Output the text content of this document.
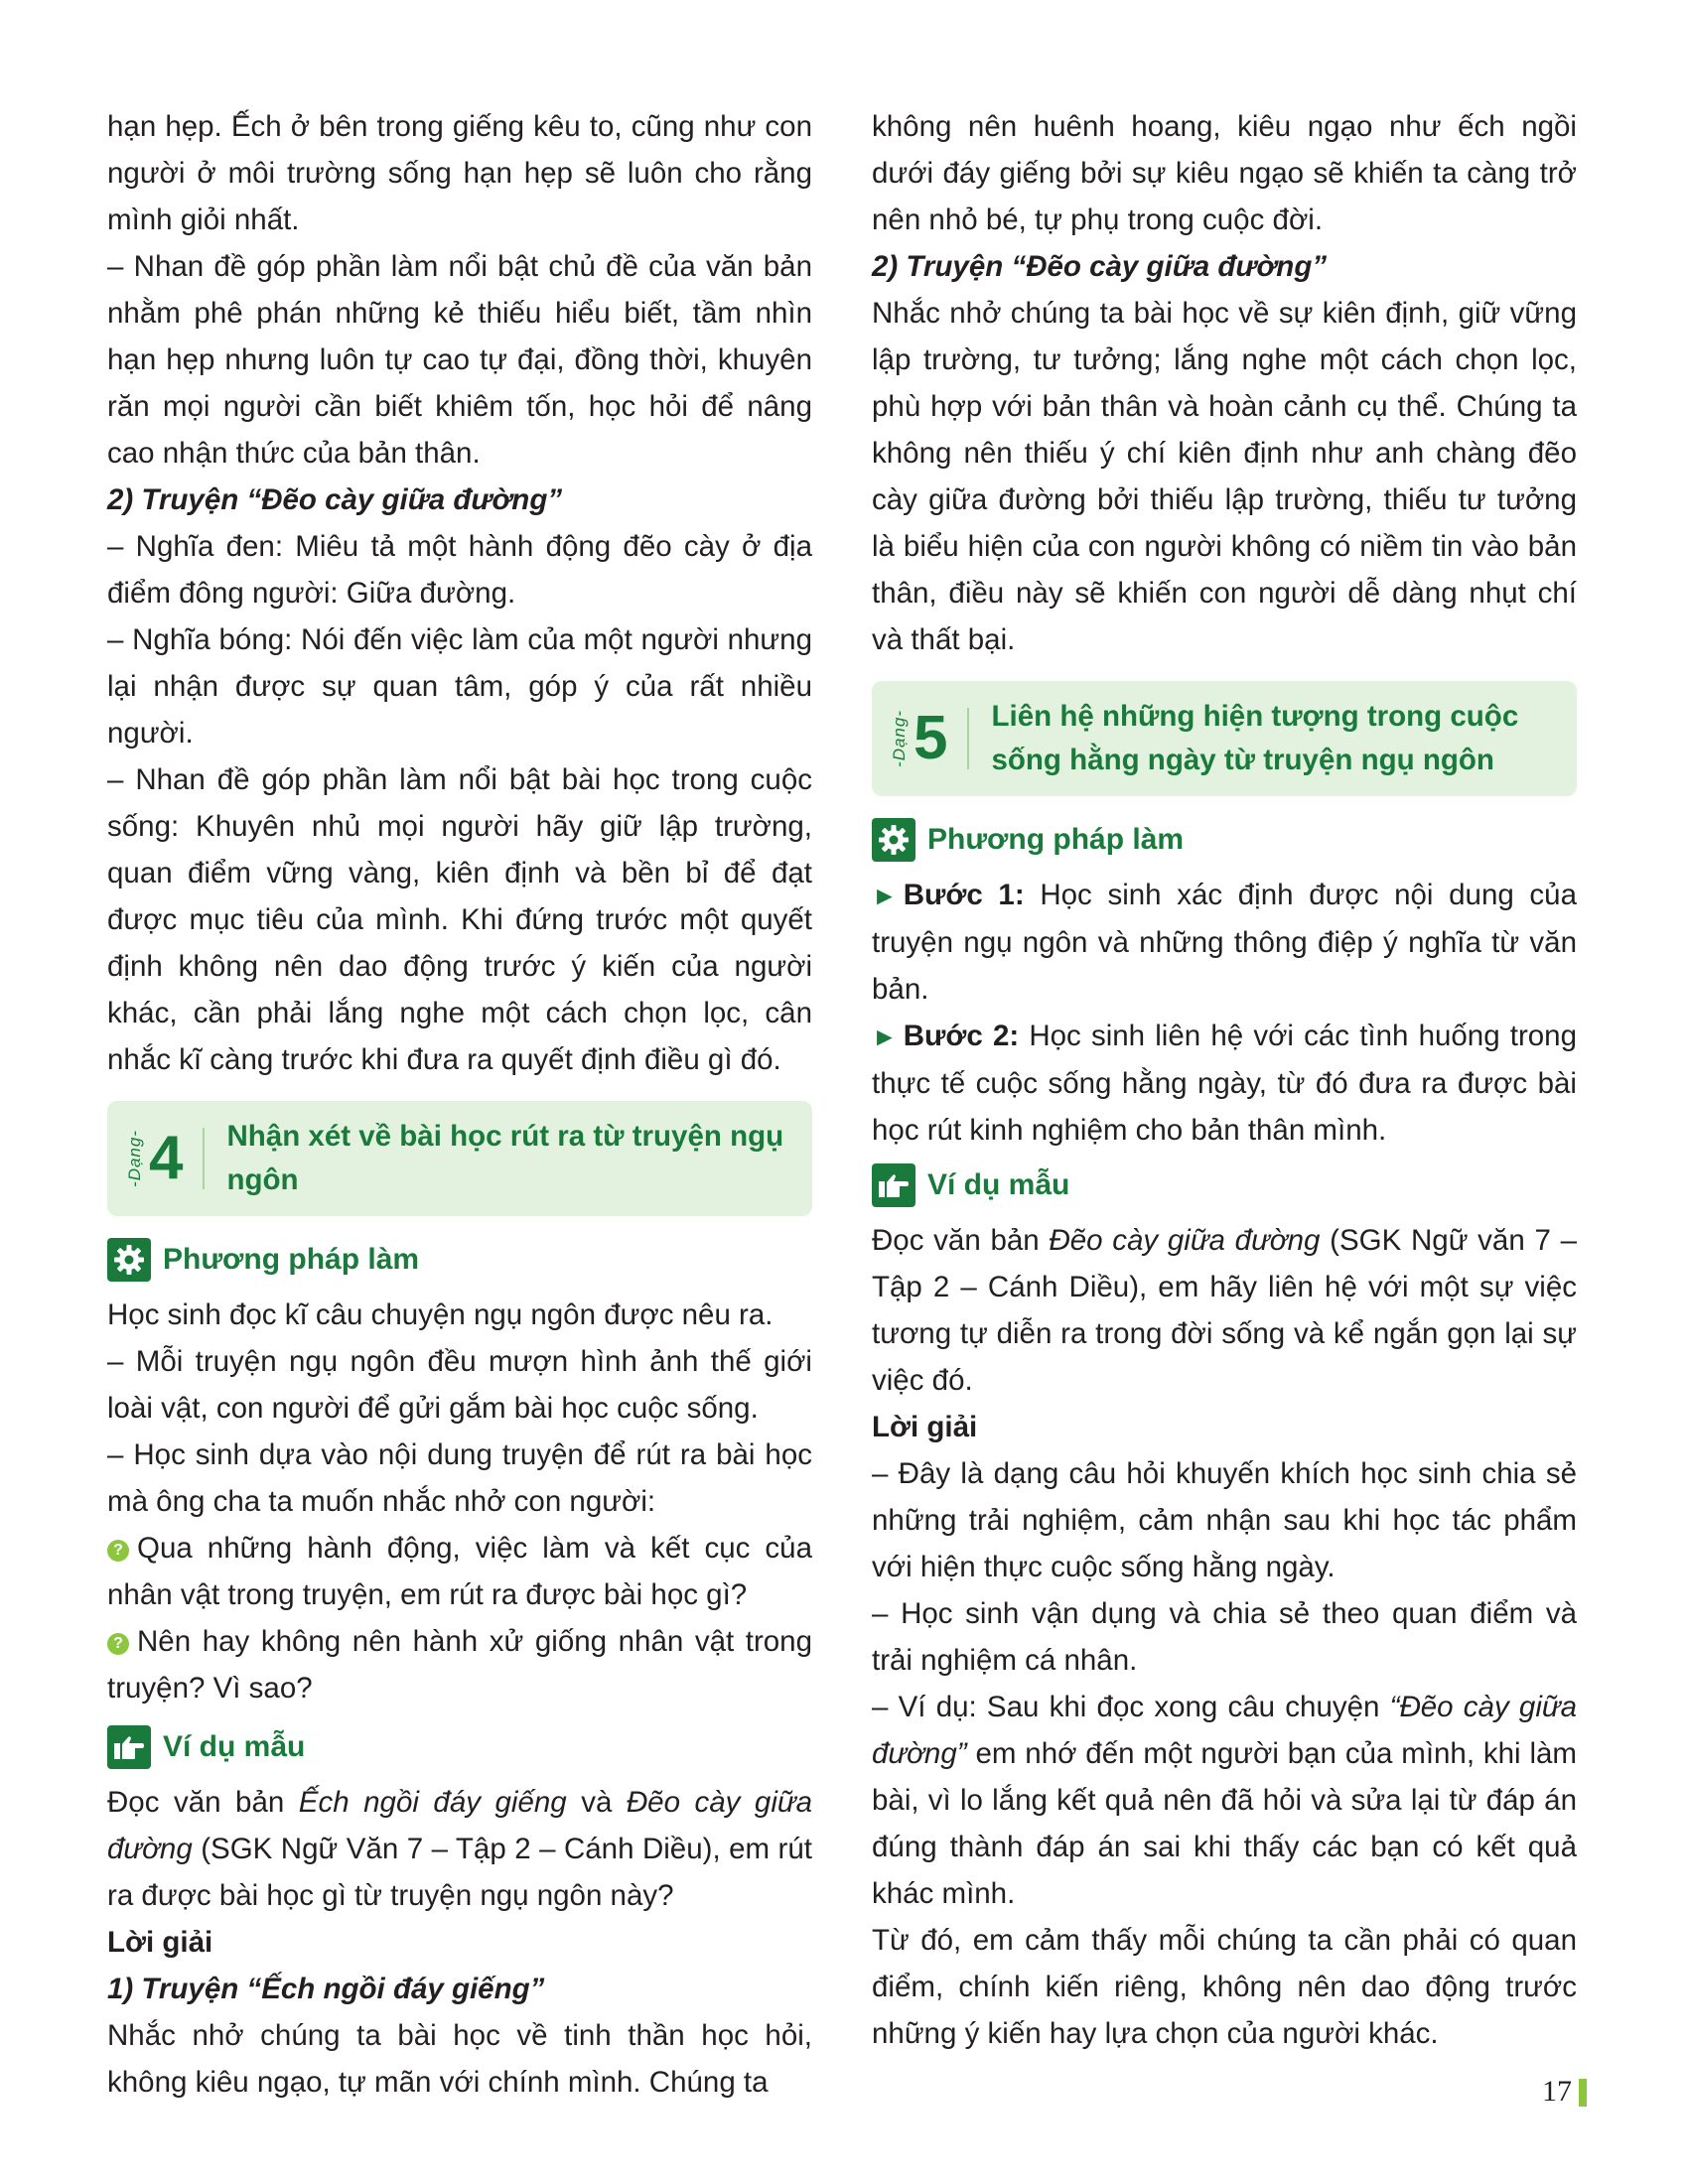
hạn hẹp. Ếch ở bên trong giếng kêu to, cũng như con người ở môi trường sống hạn hẹp sẽ luôn cho rằng mình giỏi nhất.

– Nhan đề góp phần làm nổi bật chủ đề của văn bản nhằm phê phán những kẻ thiếu hiểu biết, tầm nhìn hạn hẹp nhưng luôn tự cao tự đại, đồng thời, khuyên răn mọi người cần biết khiêm tốn, học hỏi để nâng cao nhận thức của bản thân.

2) Truyện “Đẽo cày giữa đường”

– Nghĩa đen: Miêu tả một hành động đẽo cày ở địa điểm đông người: Giữa đường.

– Nghĩa bóng: Nói đến việc làm của một người nhưng lại nhận được sự quan tâm, góp ý của rất nhiều người.

– Nhan đề góp phần làm nổi bật bài học trong cuộc sống: Khuyên nhủ mọi người hãy giữ lập trường, quan điểm vững vàng, kiên định và bền bỉ để đạt được mục tiêu của mình. Khi đứng trước một quyết định không nên dao động trước ý kiến của người khác, cần phải lắng nghe một cách chọn lọc, cân nhắc kĩ càng trước khi đưa ra quyết định điều gì đó.

-Dạng- 4 Nhận xét về bài học rút ra từ truyện ngụ ngôn
Phương pháp làm

Học sinh đọc kĩ câu chuyện ngụ ngôn được nêu ra.

– Mỗi truyện ngụ ngôn đều mượn hình ảnh thế giới loài vật, con người để gửi gắm bài học cuộc sống.

– Học sinh dựa vào nội dung truyện để rút ra bài học mà ông cha ta muốn nhắc nhở con người:

? Qua những hành động, việc làm và kết cục của nhân vật trong truyện, em rút ra được bài học gì?

? Nên hay không nên hành xử giống nhân vật trong truyện? Vì sao?

Ví dụ mẫu

Đọc văn bản Ếch ngồi đáy giếng và Đẽo cày giữa đường (SGK Ngữ Văn 7 – Tập 2 – Cánh Diều), em rút ra được bài học gì từ truyện ngụ ngôn này?

Lời giải

1) Truyện “Ếch ngồi đáy giếng”

Nhắc nhở chúng ta bài học về tinh thần học hỏi, không kiêu ngạo, tự mãn với chính mình. Chúng ta

không nên huênh hoang, kiêu ngạo như ếch ngồi dưới đáy giếng bởi sự kiêu ngạo sẽ khiến ta càng trở nên nhỏ bé, tự phụ trong cuộc đời.

2) Truyện “Đẽo cày giữa đường”

Nhắc nhở chúng ta bài học về sự kiên định, giữ vững lập trường, tư tưởng; lắng nghe một cách chọn lọc, phù hợp với bản thân và hoàn cảnh cụ thể. Chúng ta không nên thiếu ý chí kiên định như anh chàng đẽo cày giữa đường bởi thiếu lập trường, thiếu tư tưởng là biểu hiện của con người không có niềm tin vào bản thân, điều này sẽ khiến con người dễ dàng nhụt chí và thất bại.

-Dạng- 5 Liên hệ những hiện tượng trong cuộc sống hằng ngày từ truyện ngụ ngôn
Phương pháp làm

► Bước 1: Học sinh xác định được nội dung của truyện ngụ ngôn và những thông điệp ý nghĩa từ văn bản.

► Bước 2: Học sinh liên hệ với các tình huống trong thực tế cuộc sống hằng ngày, từ đó đưa ra được bài học rút kinh nghiệm cho bản thân mình.

Ví dụ mẫu

Đọc văn bản Đẽo cày giữa đường (SGK Ngữ văn 7 – Tập 2 – Cánh Diều), em hãy liên hệ với một sự việc tương tự diễn ra trong đời sống và kể ngắn gọn lại sự việc đó.

Lời giải

– Đây là dạng câu hỏi khuyến khích học sinh chia sẻ những trải nghiệm, cảm nhận sau khi học tác phẩm với hiện thực cuộc sống hằng ngày.

– Học sinh vận dụng và chia sẻ theo quan điểm và trải nghiệm cá nhân.

– Ví dụ: Sau khi đọc xong câu chuyện “Đẽo cày giữa đường” em nhớ đến một người bạn của mình, khi làm bài, vì lo lắng kết quả nên đã hỏi và sửa lại từ đáp án đúng thành đáp án sai khi thấy các bạn có kết quả khác mình.

Từ đó, em cảm thấy mỗi chúng ta cần phải có quan điểm, chính kiến riêng, không nên dao động trước những ý kiến hay lựa chọn của người khác.

17
